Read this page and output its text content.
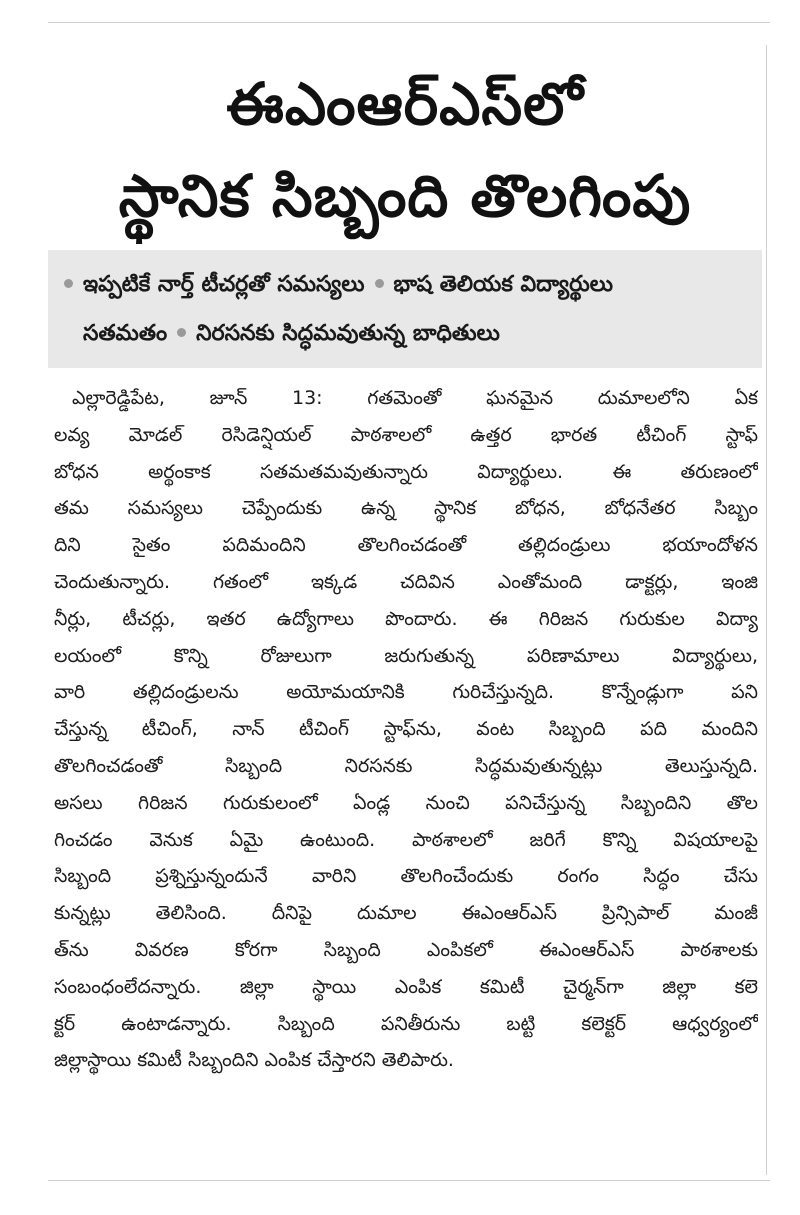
ఈఎంఆర్ఎస్‌లో
స్థానిక సిబ్బంది తొలగింపు
ఇప్పటికే నార్త్ టీచర్లతో సమస్యలు భాష తెలియక విద్యార్థులు
సతమతం నిరసనకు సిద్ధమవుతున్న బాధితులు
ఎల్లారెడ్డిపేట, జూన్ 13: గతమెంతో ఘనమైన దుమాలలోని ఏక
లవ్య మోడల్ రెసిడెన్షియల్ పాఠశాలలో ఉత్తర భారత టీచింగ్ స్టాఫ్
బోధన అర్థంకాక సతమతమవుతున్నారు విద్యార్థులు. ఈ తరుణంలో
తమ సమస్యలు చెప్పేందుకు ఉన్న స్థానిక బోధన, బోధనేతర సిబ్బం
దిని సైతం పదిమందిని తొలగించడంతో తల్లిదండ్రులు భయాందోళన
చెందుతున్నారు. గతంలో ఇక్కడ చదివిన ఎంతోమంది డాక్టర్లు, ఇంజి
నీర్లు, టీచర్లు, ఇతర ఉద్యోగాలు పొందారు. ఈ గిరిజన గురుకుల విద్యా
లయంలో కొన్ని రోజులుగా జరుగుతున్న పరిణామాలు విద్యార్థులు,
వారి తల్లిదండ్రులను అయోమయానికి గురిచేస్తున్నది. కొన్నేండ్లుగా పని
చేస్తున్న టీచింగ్, నాన్ టీచింగ్ స్టాఫ్‌ను, వంట సిబ్బంది పది మందిని
తొలగించడంతో సిబ్బంది నిరసనకు సిద్ధమవుతున్నట్లు తెలుస్తున్నది.
అసలు గిరిజన గురుకులంలో ఏండ్ల నుంచి పనిచేస్తున్న సిబ్బందిని తొల
గించడం వెనుక ఏమై ఉంటుంది. పాఠశాలలో జరిగే కొన్ని విషయాలపై
సిబ్బంది ప్రశ్నిస్తున్నందునే వారిని తొలగించేందుకు రంగం సిద్ధం చేసు
కున్నట్లు తెలిసింది. దీనిపై దుమాల ఈఎంఆర్ఎస్ ప్రిన్సిపాల్ మంజీ
త్‌ను వివరణ కోరగా సిబ్బంది ఎంపికలో ఈఎంఆర్ఎస్ పాఠశాలకు
సంబంధంలేదన్నారు. జిల్లా స్థాయి ఎంపిక కమిటీ చైర్మన్‌గా జిల్లా కలె
క్టర్ ఉంటాడన్నారు. సిబ్బంది పనితీరును బట్టి కలెక్టర్ ఆధ్వర్యంలో
జిల్లాస్థాయి కమిటీ సిబ్బందిని ఎంపిక చేస్తారని తెలిపారు.
